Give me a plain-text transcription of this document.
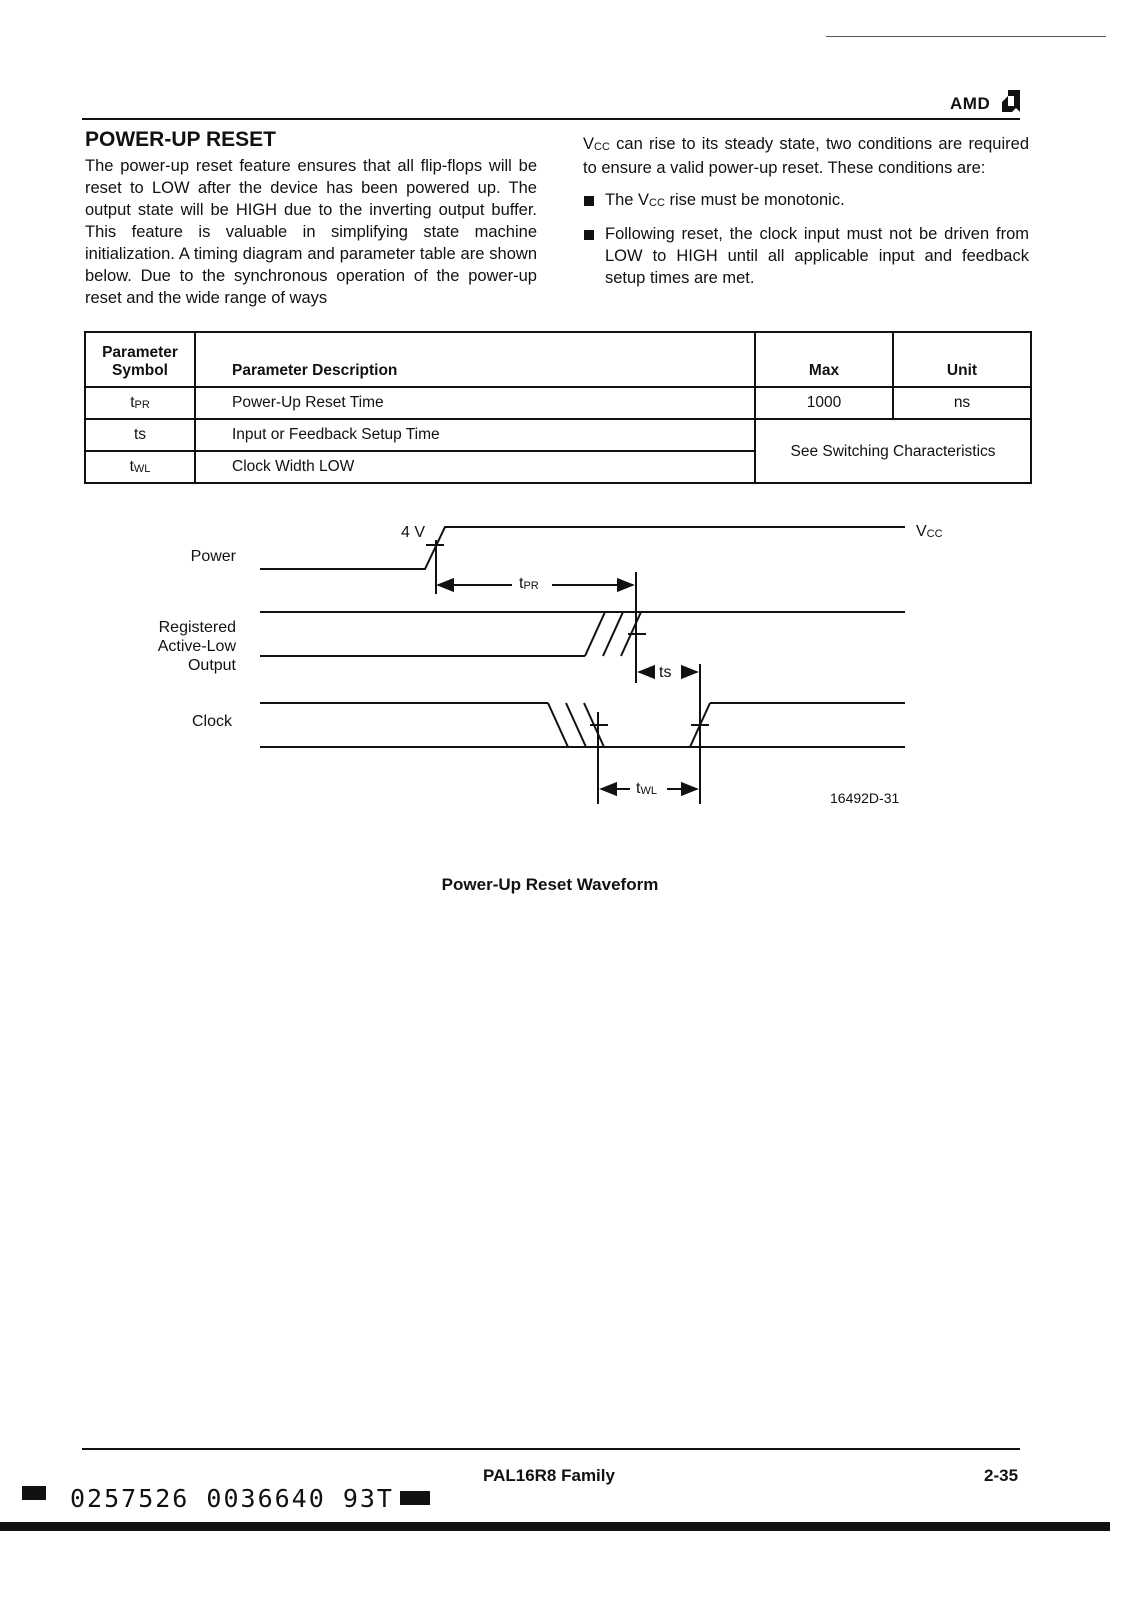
AMD
POWER-UP RESET
The power-up reset feature ensures that all flip-flops will be reset to LOW after the device has been powered up. The output state will be HIGH due to the inverting output buffer. This feature is valuable in simplifying state machine initialization. A timing diagram and parameter table are shown below. Due to the synchronous operation of the power-up reset and the wide range of ways
$V_{CC}$ can rise to its steady state, two conditions are required to ensure a valid power-up reset. These conditions are:
The $V_{CC}$ rise must be monotonic.
Following reset, the clock input must not be driven from LOW to HIGH until all applicable input and feedback setup times are met.
Parameter Symbol	Parameter Description	Max	Unit
$t_{PR}$	Power-Up Reset Time	1000	ns
ts	Input or Feedback Setup Time	See Switching Characteristics	
$t_{WL}$	Clock Width LOW		
Power
Registered Active-Low Output
Clock
4 V	$V_{CC}$
$t_{PR}$
ts
$t_{WL}$	16492D-31
Power-Up Reset Waveform
PAL16R8 Family	2-35
0257526 0036640 93T
